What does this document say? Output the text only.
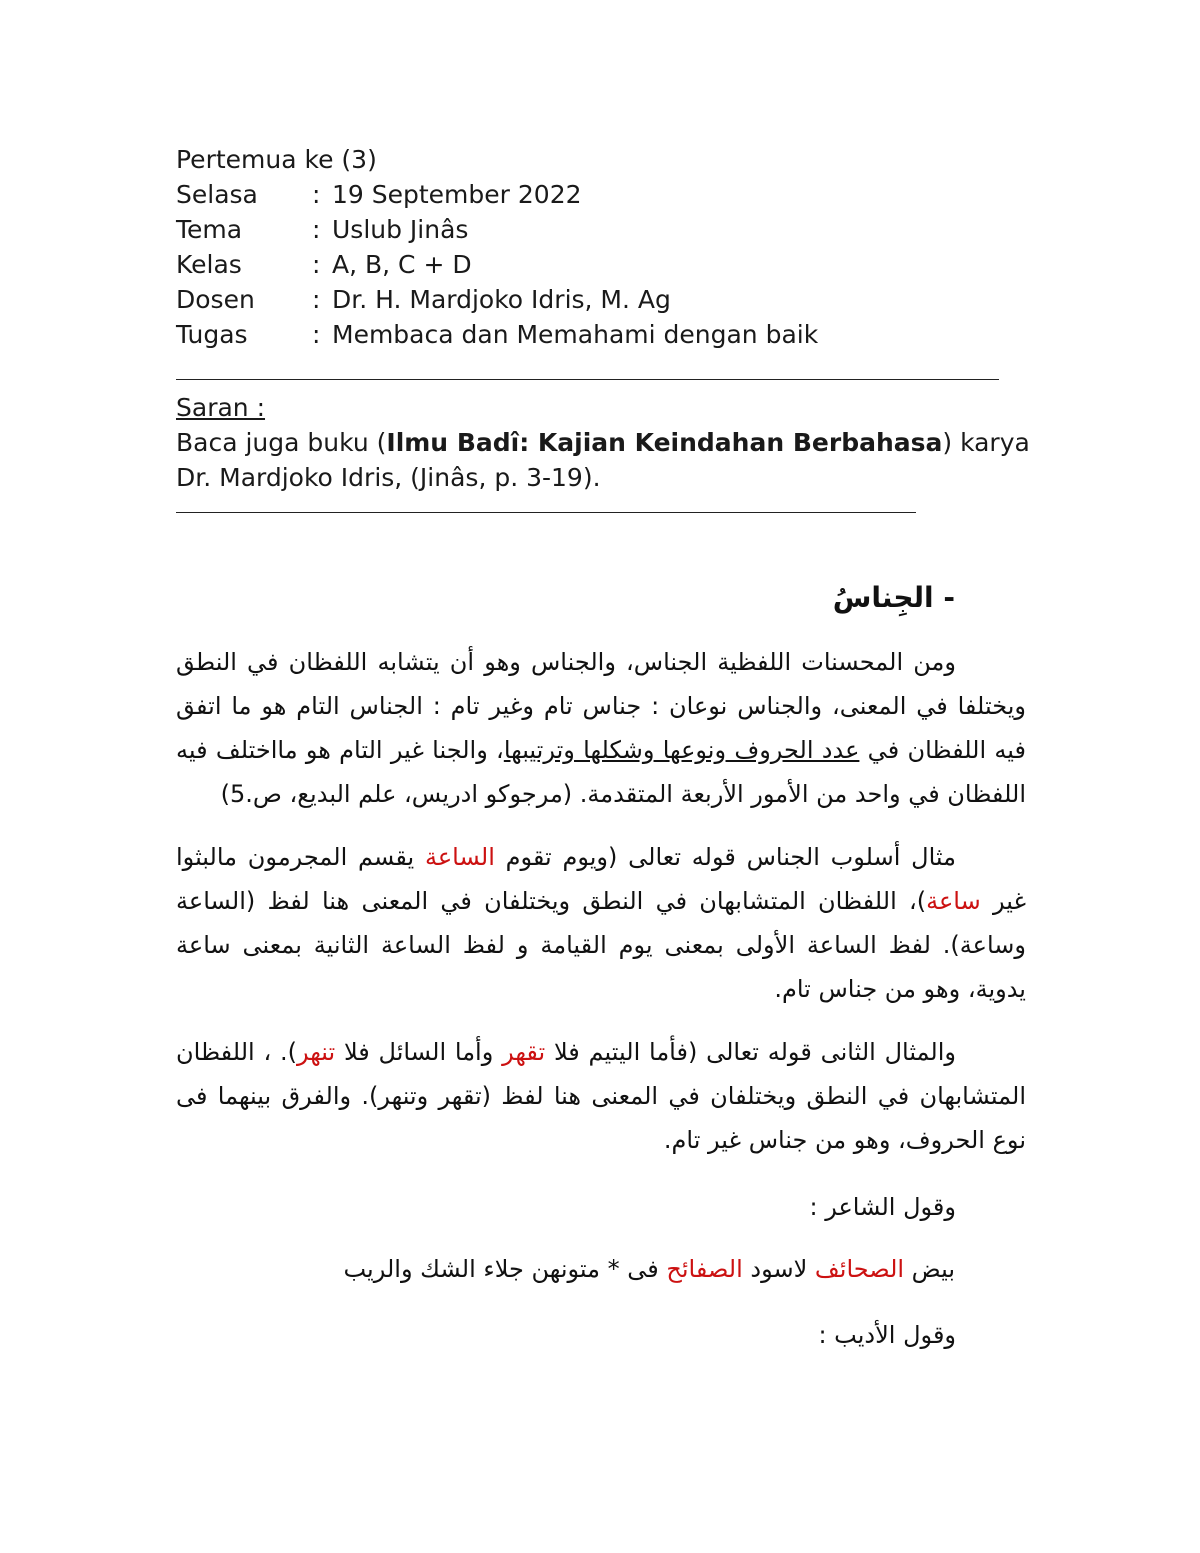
Pertemua ke (3)
Selasa	: 19 September 2022
Tema	: Uslub Jinâs
Kelas	: A, B, C + D
Dosen	: Dr. H. Mardjoko Idris, M. Ag
Tugas	: Membaca dan Memahami dengan baik
Saran :
Baca juga buku (Ilmu Badî: Kajian Keindahan Berbahasa) karya Dr. Mardjoko Idris, (Jinâs, p. 3-19).
- الجِناسُ
ومن المحسنات اللفظية الجناس، والجناس وهو أن يتشابه اللفظان في النطق ويختلفا في المعنى، والجناس نوعان : جناس تام وغير تام : الجناس التام هو ما اتفق فيه اللفظان في عدد الحروف ونوعها وشكلها وترتيبها، والجنا غير التام هو مااختلف فيه اللفظان في واحد من الأمور الأربعة المتقدمة. (مرجوكو ادريس، علم البديع، ص.5)
مثال أسلوب الجناس قوله تعالى (ويوم تقوم الساعة يقسم المجرمون مالبثوا غير ساعة)، اللفظان المتشابهان في النطق ويختلفان في المعنى هنا لفظ (الساعة وساعة). لفظ الساعة الأولى بمعنى يوم القيامة و لفظ الساعة الثانية بمعنى ساعة يدوية، وهو من جناس تام.
والمثال الثانى قوله تعالى (فأما اليتيم فلا تقهر وأما السائل فلا تنهر). ، اللفظان المتشابهان في النطق ويختلفان في المعنى هنا لفظ (تقهر وتنهر). والفرق بينهما فى نوع الحروف، وهو من جناس غير تام.
وقول الشاعر :
بيض الصحائف لاسود الصفائح فى * متونهن جلاء الشك والريب
وقول الأديب :
